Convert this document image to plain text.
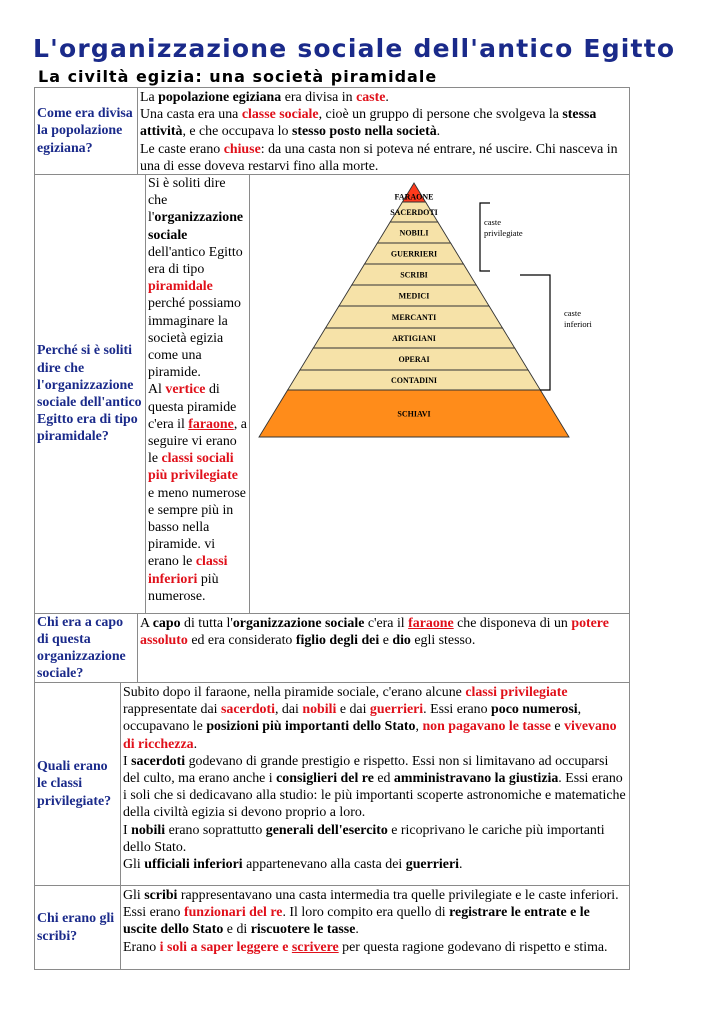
L'organizzazione sociale dell'antico Egitto
La civiltà egizia: una società piramidale
Come era divisa la popolazione egiziana?
La popolazione egiziana era divisa in caste.
Una casta era una classe sociale, cioè un gruppo di persone che svolgeva la stessa attività, e che occupava lo stesso posto nella società.
Le caste erano chiuse: da una casta non si poteva né entrare, né uscire. Chi nasceva in una di esse doveva restarvi fino alla morte.
Perché si è soliti dire che l'organizzazione sociale dell'antico Egitto era di tipo piramidale?
Si è soliti dire che l'organizzazione sociale dell'antico Egitto era di tipo piramidale perché possiamo immaginare la società egizia come una piramide.
Al vertice di questa piramide c'era il faraone, a seguire vi erano le classi sociali più privilegiate e meno numerose e sempre più in basso nella piramide. vi erano le classi inferiori più numerose.
FARAONE
SACERDOTI
NOBILI
GUERRIERI
SCRIBI
MEDICI
MERCANTI
ARTIGIANI
OPERAI
CONTADINI
SCHIAVI
caste
privilegiate
caste
inferiori
Chi era a capo di questa organizzazione sociale?
A capo di tutta l'organizzazione sociale c'era il faraone che disponeva di un potere assoluto ed era considerato figlio degli dei e dio egli stesso.
Quali erano le classi privilegiate?
Subito dopo il faraone, nella piramide sociale, c'erano alcune classi privilegiate rappresentate dai sacerdoti, dai nobili e dai guerrieri. Essi erano poco numerosi, occupavano le posizioni più importanti dello Stato, non pagavano le tasse e vivevano di ricchezza.
I sacerdoti godevano di grande prestigio e rispetto. Essi non si limitavano ad occuparsi del culto, ma erano anche i consiglieri del re ed amministravano la giustizia. Essi erano i soli che si dedicavano alla studio: le più importanti scoperte astronomiche e matematiche della civiltà egizia si devono proprio a loro.
I nobili erano soprattutto generali dell'esercito e ricoprivano le cariche più importanti dello Stato.
Gli ufficiali inferiori appartenevano alla casta dei guerrieri.
Chi erano gli scribi?
Gli scribi rappresentavano una casta intermedia tra quelle privilegiate e le caste inferiori. Essi erano funzionari del re. Il loro compito era quello di registrare le entrate e le uscite dello Stato e di riscuotere le tasse.
Erano i soli a saper leggere e scrivere per questa ragione godevano di rispetto e stima.
